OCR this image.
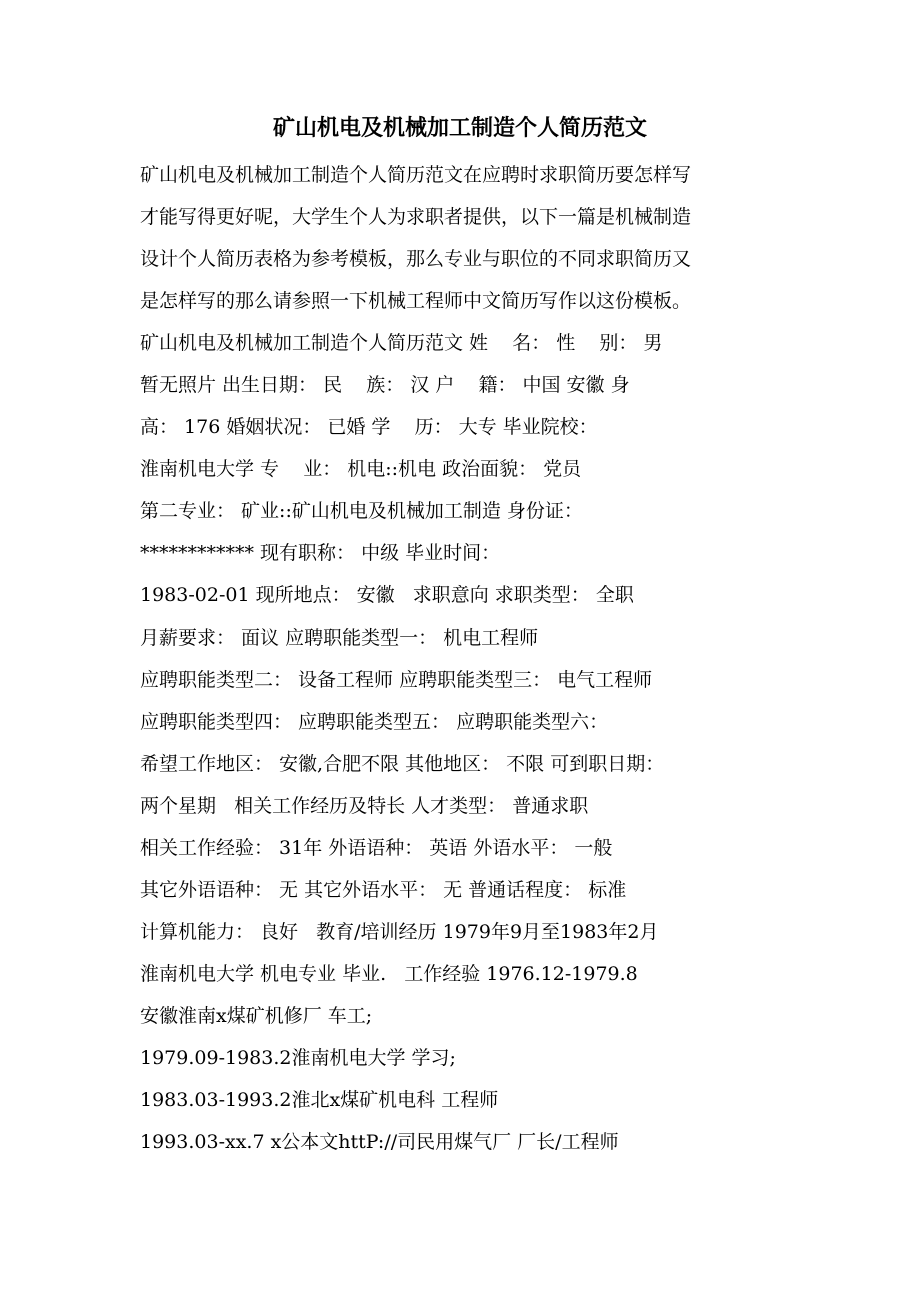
矿山机电及机械加工制造个人简历范文
矿山机电及机械加工制造个人简历范文在应聘时求职简历要怎样写
才能写得更好呢，大学生个人为求职者提供，以下一篇是机械制造
设计个人简历表格为参考模板，那么专业与职位的不同求职简历又
是怎样写的那么请参照一下机械工程师中文简历写作以这份模板。
矿山机电及机械加工制造个人简历范文 姓    名： 性    别： 男
暂无照片 出生日期： 民    族： 汉 户    籍： 中国 安徽 身
高： 176 婚姻状况： 已婚 学    历： 大专 毕业院校：
淮南机电大学 专    业： 机电::机电 政治面貌： 党员
第二专业： 矿业::矿山机电及机械加工制造 身份证：
************ 现有职称： 中级 毕业时间：
1983-02-01 现所地点： 安徽   求职意向 求职类型： 全职
月薪要求： 面议 应聘职能类型一： 机电工程师
应聘职能类型二： 设备工程师 应聘职能类型三： 电气工程师
应聘职能类型四： 应聘职能类型五： 应聘职能类型六：
希望工作地区： 安徽,合肥不限 其他地区： 不限 可到职日期：
两个星期   相关工作经历及特长 人才类型： 普通求职
相关工作经验： 31年 外语语种： 英语 外语水平： 一般
其它外语语种： 无 其它外语水平： 无 普通话程度： 标准
计算机能力： 良好   教育/培训经历 1979年9月至1983年2月
淮南机电大学 机电专业 毕业.   工作经验 1976.12-1979.8
安徽淮南x煤矿机修厂 车工;
1979.09-1983.2淮南机电大学 学习;
1983.03-1993.2淮北x煤矿机电科 工程师
1993.03-xx.7 x公本文httP://司民用煤气厂 厂长/工程师
